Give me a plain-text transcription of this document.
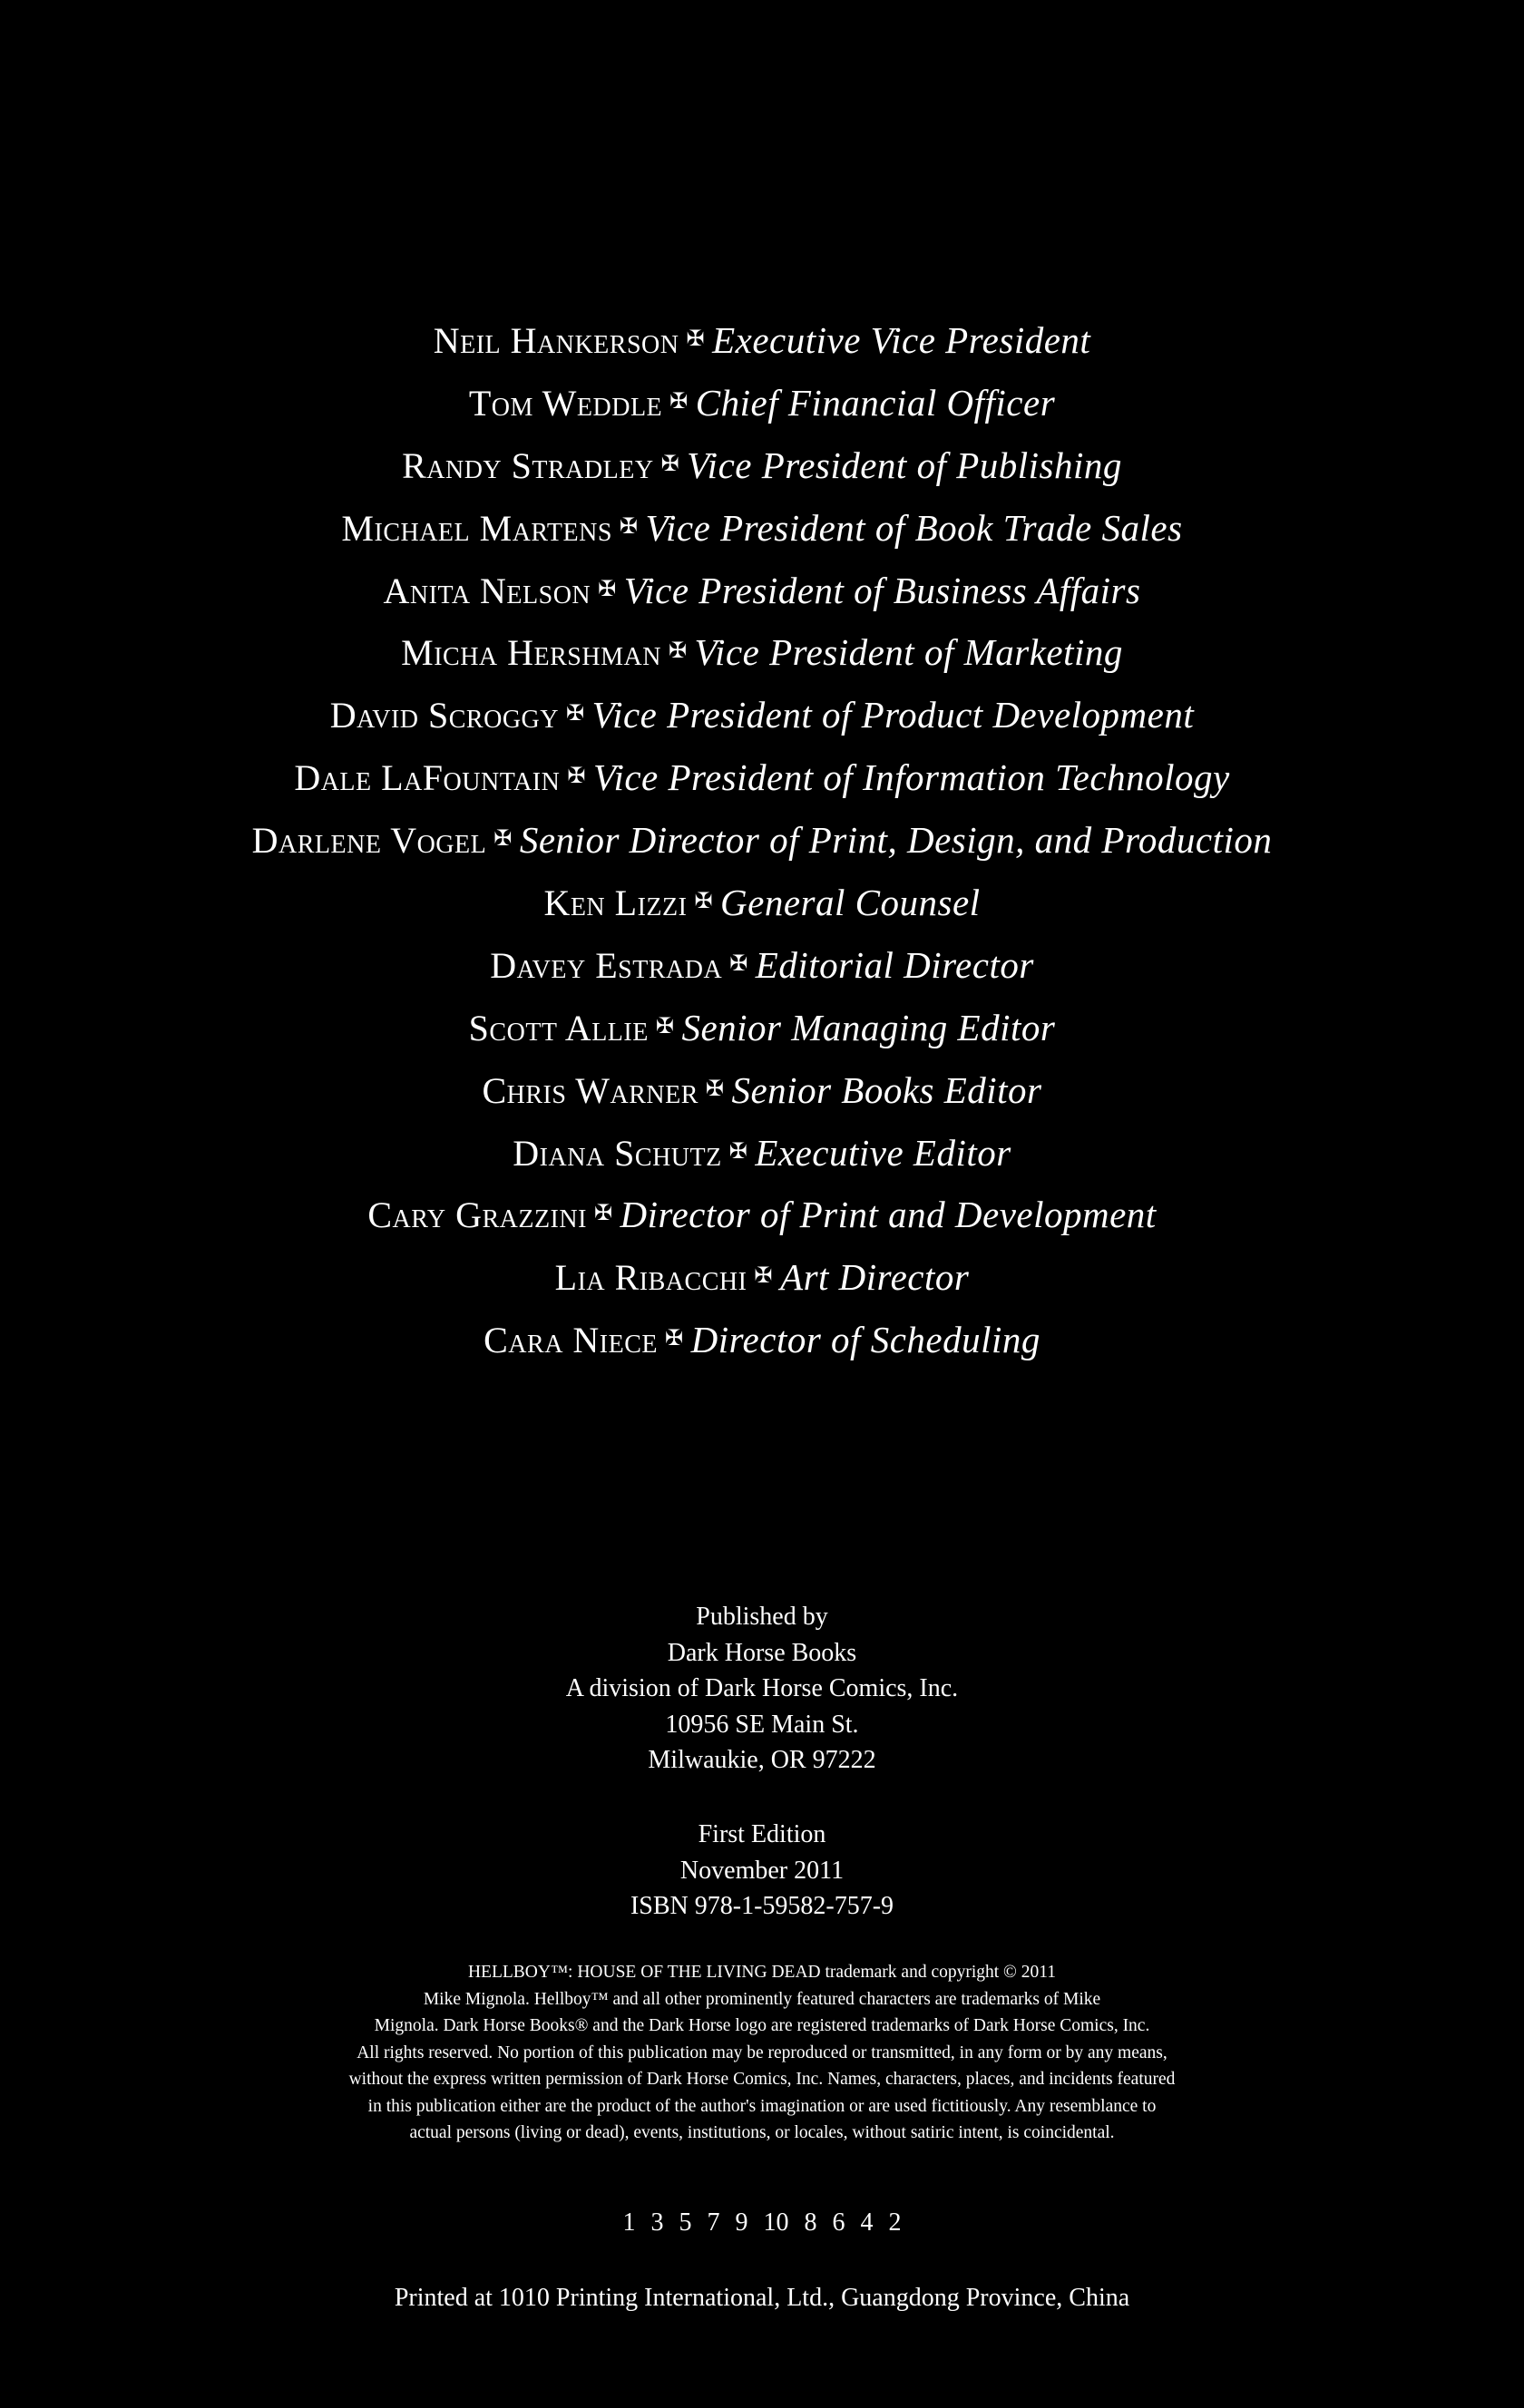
Neil Hankerson ✠ Executive Vice President
Tom Weddle ✠ Chief Financial Officer
Randy Stradley ✠ Vice President of Publishing
Michael Martens ✠ Vice President of Book Trade Sales
Anita Nelson ✠ Vice President of Business Affairs
Micha Hershman ✠ Vice President of Marketing
David Scroggy ✠ Vice President of Product Development
Dale LaFountain ✠ Vice President of Information Technology
Darlene Vogel ✠ Senior Director of Print, Design, and Production
Ken Lizzi ✠ General Counsel
Davey Estrada ✠ Editorial Director
Scott Allie ✠ Senior Managing Editor
Chris Warner ✠ Senior Books Editor
Diana Schutz ✠ Executive Editor
Cary Grazzini ✠ Director of Print and Development
Lia Ribacchi ✠ Art Director
Cara Niece ✠ Director of Scheduling
Published by
Dark Horse Books
A division of Dark Horse Comics, Inc.
10956 SE Main St.
Milwaukie, OR 97222
First Edition
November 2011
ISBN 978-1-59582-757-9

HELLBOY™: HOUSE OF THE LIVING DEAD trademark and copyright © 2011

Mike Mignola. Hellboy™ and all other prominently featured characters are trademarks of Mike

Mignola. Dark Horse Books® and the Dark Horse logo are registered trademarks of Dark Horse Comics, Inc.

All rights reserved. No portion of this publication may be reproduced or transmitted, in any form or by any means,

without the express written permission of Dark Horse Comics, Inc. Names, characters, places, and incidents featured

in this publication either are the product of the author's imagination or are used fictitiously. Any resemblance to

actual persons (living or dead), events, institutions, or locales, without satiric intent, is coincidental.

1 3 5 7 9 10 8 6 4 2
Printed at 1010 Printing International, Ltd., Guangdong Province, China
